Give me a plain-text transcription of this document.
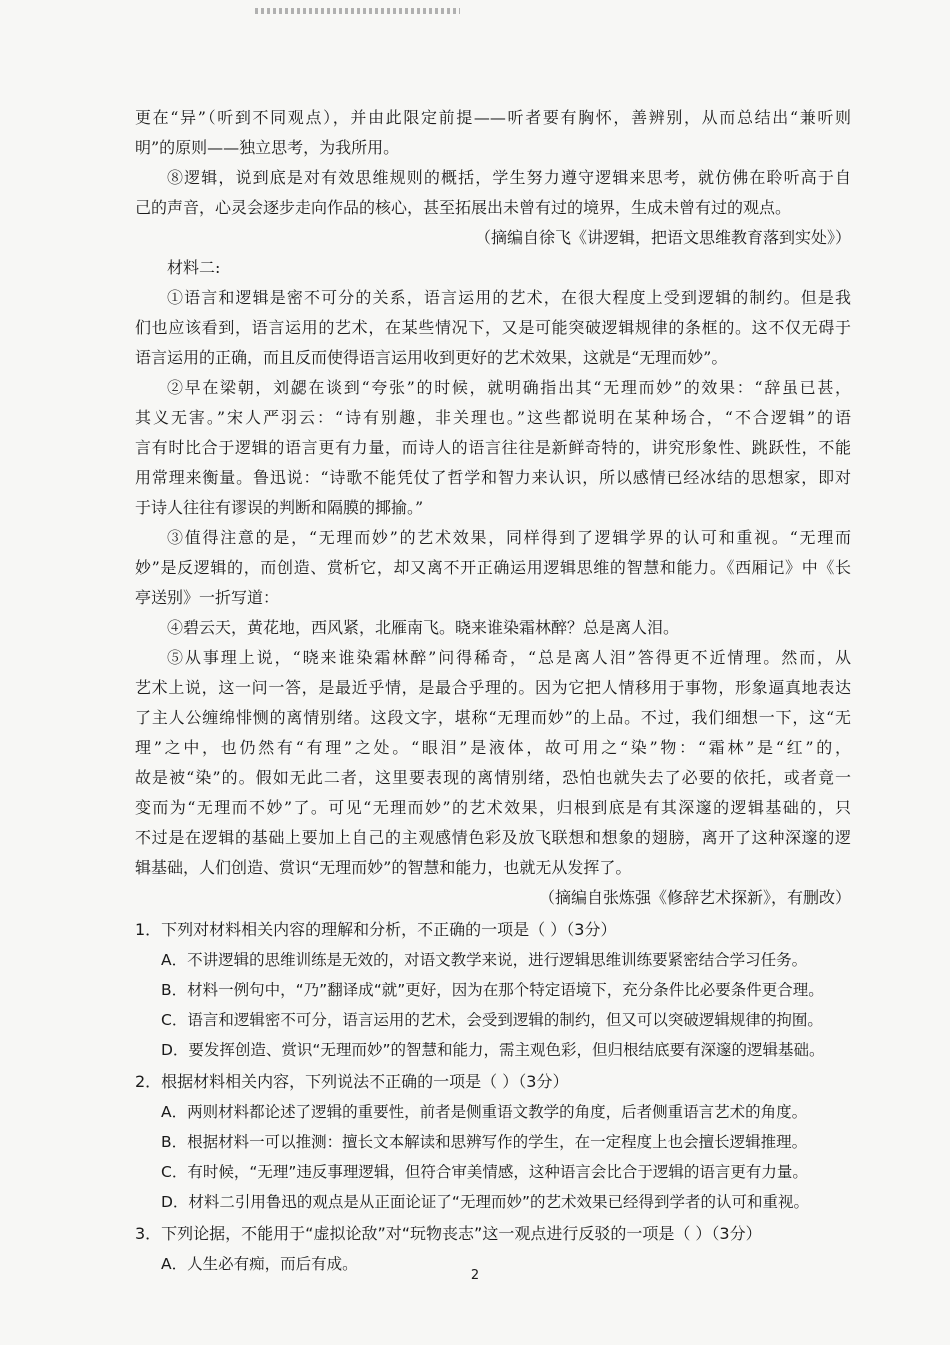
更在“异”（听到不同观点），并由此限定前提——听者要有胸怀，善辨别，从而总结出“兼听则
明”的原则——独立思考，为我所用。
⑧逻辑，说到底是对有效思维规则的概括，学生努力遵守逻辑来思考，就仿佛在聆听高于自
己的声音，心灵会逐步走向作品的核心，甚至拓展出未曾有过的境界，生成未曾有过的观点。
（摘编自徐飞《讲逻辑，把语文思维教育落到实处》）
材料二:
①语言和逻辑是密不可分的关系，语言运用的艺术，在很大程度上受到逻辑的制约。但是我
们也应该看到，语言运用的艺术，在某些情况下，又是可能突破逻辑规律的条框的。这不仅无碍于
语言运用的正确，而且反而使得语言运用收到更好的艺术效果，这就是“无理而妙”。
②早在梁朝，刘勰在谈到“夸张”的时候，就明确指出其“无理而妙”的效果：“辞虽已甚，
其义无害。”宋人严羽云：“诗有别趣，非关理也。”这些都说明在某种场合，“不合逻辑”的语
言有时比合于逻辑的语言更有力量，而诗人的语言往往是新鲜奇特的，讲究形象性、跳跃性，不能
用常理来衡量。鲁迅说：“诗歌不能凭仗了哲学和智力来认识，所以感情已经冰结的思想家，即对
于诗人往往有谬误的判断和隔膜的揶揄。”
③值得注意的是，“无理而妙”的艺术效果，同样得到了逻辑学界的认可和重视。“无理而
妙”是反逻辑的，而创造、赏析它，却又离不开正确运用逻辑思维的智慧和能力。《西厢记》中《长
亭送别》一折写道：
④碧云天，黄花地，西风紧，北雁南飞。晓来谁染霜林醉？总是离人泪。
⑤从事理上说，“晓来谁染霜林醉”问得稀奇，“总是离人泪”答得更不近情理。然而，从
艺术上说，这一问一答，是最近乎情，是最合乎理的。因为它把人情移用于事物，形象逼真地表达
了主人公缠绵悱恻的离情别绪。这段文字，堪称“无理而妙”的上品。不过，我们细想一下，这“无
理”之中，也仍然有“有理”之处。“眼泪”是液体，故可用之“染”物：“霜林”是“红”的，
故是被“染”的。假如无此二者，这里要表现的离情别绪，恐怕也就失去了必要的依托，或者竟一
变而为“无理而不妙”了。可见“无理而妙”的艺术效果，归根到底是有其深邃的逻辑基础的，只
不过是在逻辑的基础上要加上自己的主观感情色彩及放飞联想和想象的翅膀，离开了这种深邃的逻
辑基础，人们创造、赏识“无理而妙”的智慧和能力，也就无从发挥了。
（摘编自张炼强《修辞艺术探新》，有删改）
1．下列对材料相关内容的理解和分析，不正确的一项是（ ）（3分）
A．不讲逻辑的思维训练是无效的，对语文教学来说，进行逻辑思维训练要紧密结合学习任务。
B．材料一例句中，“乃”翻译成“就”更好，因为在那个特定语境下，充分条件比必要条件更合理。
C．语言和逻辑密不可分，语言运用的艺术，会受到逻辑的制约，但又可以突破逻辑规律的拘囿。
D．要发挥创造、赏识“无理而妙”的智慧和能力，需主观色彩，但归根结底要有深邃的逻辑基础。
2．根据材料相关内容，下列说法不正确的一项是（ ）（3分）
A．两则材料都论述了逻辑的重要性，前者是侧重语文教学的角度，后者侧重语言艺术的角度。
B．根据材料一可以推测：擅长文本解读和思辨写作的学生，在一定程度上也会擅长逻辑推理。
C．有时候，“无理”违反事理逻辑，但符合审美情感，这种语言会比合于逻辑的语言更有力量。
D．材料二引用鲁迅的观点是从正面论证了“无理而妙”的艺术效果已经得到学者的认可和重视。
3．下列论据，不能用于“虚拟论敌”对“玩物丧志”这一观点进行反驳的一项是（ ）（3分）
A．人生必有痴，而后有成。
2
